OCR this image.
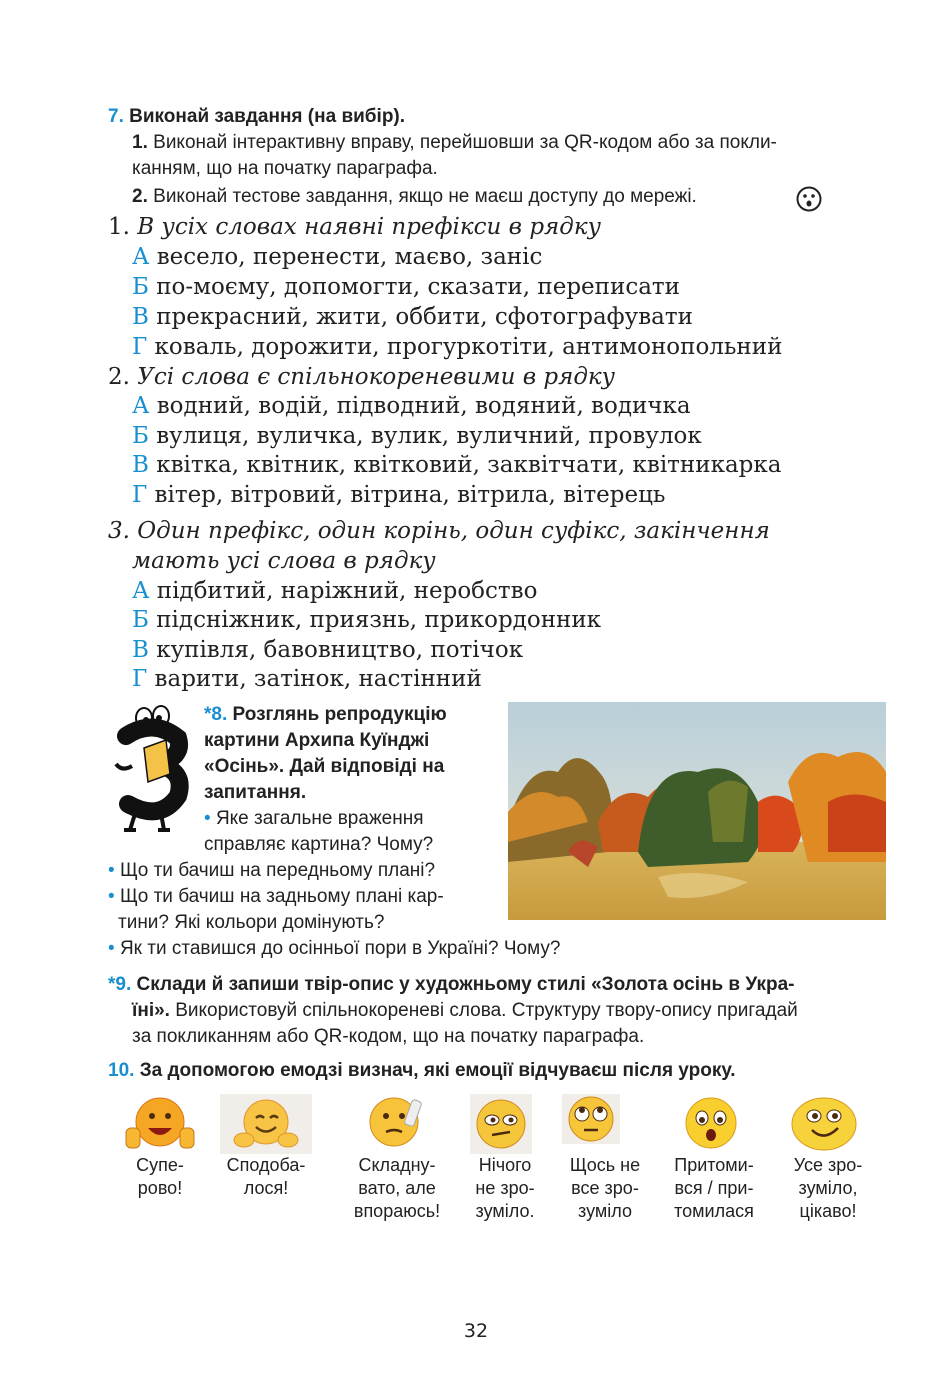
7. Виконай завдання (на вибір).
1. Виконай інтерактивну вправу, перейшовши за QR-кодом або за покли-
канням, що на початку параграфа.
2. Виконай тестове завдання, якщо не маєш доступу до мережі.
1. В усіх словах наявні префікси в рядку
А весело, перенести, маєво, заніс
Б по-моєму, допомогти, сказати, переписати
В прекрасний, жити, оббити, сфотографувати
Г коваль, дорожити, прогуркотіти, антимонопольний
2. Усі слова є спільнокореневими в рядку
А водний, водій, підводний, водяний, водичка
Б вулиця, вуличка, вулик, вуличний, провулок
В квітка, квітник, квітковий, заквітчати, квітникарка
Г вітер, вітровий, вітрина, вітрила, вітерець
3. Один префікс, один корінь, один суфікс, закінчення
мають усі слова в рядку
А підбитий, наріжний, неробство
Б підсніжник, приязнь, прикордонник
В купівля, бавовництво, потічок
Г варити, затінок, настінний
*8. Розглянь репродукцію
картини Архипа Куїнджі
«Осінь». Дай відповіді на
запитання.
• Яке загальне враження
справляє картина? Чому?
• Що ти бачиш на передньому плані?
• Що ти бачиш на задньому плані кар-
тини? Які кольори домінують?
• Як ти ставишся до осінньої пори в Україні? Чому?
*9. Склади й запиши твір-опис у художньому стилі «Золота осінь в Укра-
їні». Використовуй спільнокореневі слова. Структуру твору-опису пригадай
за покликанням або QR-кодом, що на початку параграфа.
10. За допомогою емодзі визнач, які емоції відчуваєш після уроку.
Супе-
рово!
Сподоба-
лося!
Складну-
вато, але
впораюсь!
Нічого
не зро-
зуміло.
Щось не
все зро-
зуміло
Притоми-
вся / при-
томилася
Усе зро-
зуміло,
цікаво!
32
